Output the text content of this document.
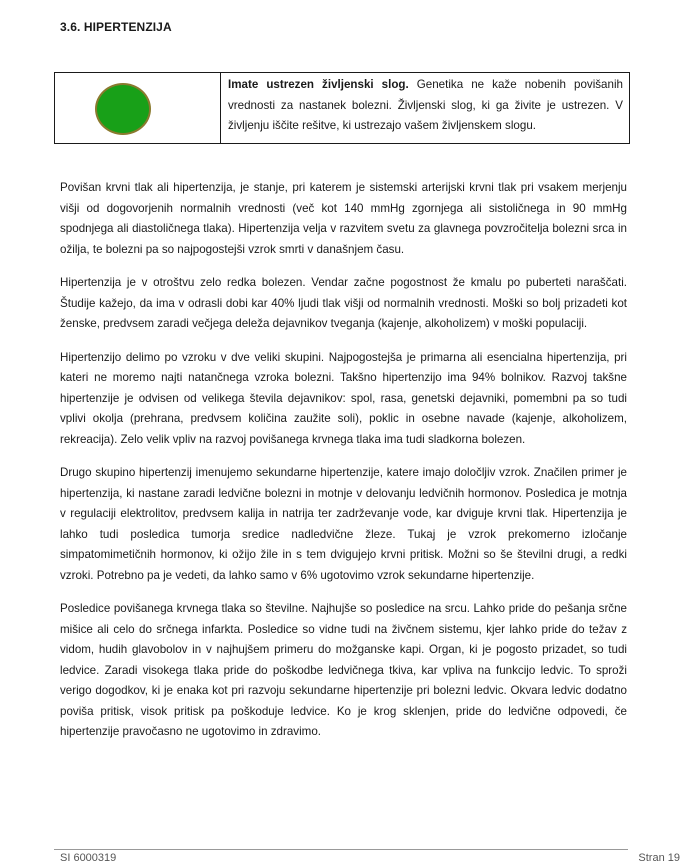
3.6. HIPERTENZIJA
Imate ustrezen življenski slog. Genetika ne kaže nobenih povišanih vrednosti za nastanek bolezni. Življenski slog, ki ga živite je ustrezen. V življenju iščite rešitve, ki ustrezajo vašem življenskem slogu.

Povišan krvni tlak ali hipertenzija, je stanje, pri katerem je sistemski arterijski krvni tlak pri vsakem merjenju višji od dogovorjenih normalnih vrednosti (več kot 140 mmHg zgornjega ali sistoličnega in 90 mmHg spodnjega ali diastoličnega tlaka). Hipertenzija velja v razvitem svetu za glavnega povzročitelja bolezni srca in ožilja, te bolezni pa so najpogostejši vzrok smrti v današnjem času.

Hipertenzija je v otroštvu zelo redka bolezen. Vendar začne pogostnost že kmalu po puberteti naraščati. Študije kažejo, da ima v odrasli dobi kar 40% ljudi tlak višji od normalnih vrednosti. Moški so bolj prizadeti kot ženske, predvsem zaradi večjega deleža dejavnikov tveganja (kajenje, alkoholizem) v moški populaciji.

Hipertenzijo delimo po vzroku v dve veliki skupini. Najpogostejša je primarna ali esencialna hipertenzija, pri kateri ne moremo najti natančnega vzroka bolezni. Takšno hipertenzijo ima 94% bolnikov. Razvoj takšne hipertenzije je odvisen od velikega števila dejavnikov: spol, rasa, genetski dejavniki, pomembni pa so tudi vplivi okolja (prehrana, predvsem količina zaužite soli), poklic in osebne navade (kajenje, alkoholizem, rekreacija). Zelo velik vpliv na razvoj povišanega krvnega tlaka ima tudi sladkorna bolezen.

Drugo skupino hipertenzij imenujemo sekundarne hipertenzije, katere imajo določljiv vzrok. Značilen primer je hipertenzija, ki nastane zaradi ledvične bolezni in motnje v delovanju ledvičnih hormonov. Posledica je motnja v regulaciji elektrolitov, predvsem kalija in natrija ter zadrževanje vode, kar dviguje krvni tlak. Hipertenzija je lahko tudi posledica tumorja sredice nadledvične žleze. Tukaj je vzrok prekomerno izločanje simpatomimetičnih hormonov, ki ožijo žile in s tem dvigujejo krvni pritisk. Možni so še številni drugi, a redki vzroki. Potrebno pa je vedeti, da lahko samo v 6% ugotovimo vzrok sekundarne hipertenzije.

Posledice povišanega krvnega tlaka so številne. Najhujše so posledice na srcu. Lahko pride do pešanja srčne mišice ali celo do srčnega infarkta. Posledice so vidne tudi na živčnem sistemu, kjer lahko pride do težav z vidom, hudih glavobolov in v najhujšem primeru do možganske kapi. Organ, ki je pogosto prizadet, so tudi ledvice. Zaradi visokega tlaka pride do poškodbe ledvičnega tkiva, kar vpliva na funkcijo ledvic. To sproži verigo dogodkov, ki je enaka kot pri razvoju sekundarne hipertenzije pri bolezni ledvic. Okvara ledvic dodatno poviša pritisk, visok pritisk pa poškoduje ledvice. Ko je krog sklenjen, pride do ledvične odpovedi, če hipertenzije pravočasno ne ugotovimo in zdravimo.

SI 6000319	Stran 19
